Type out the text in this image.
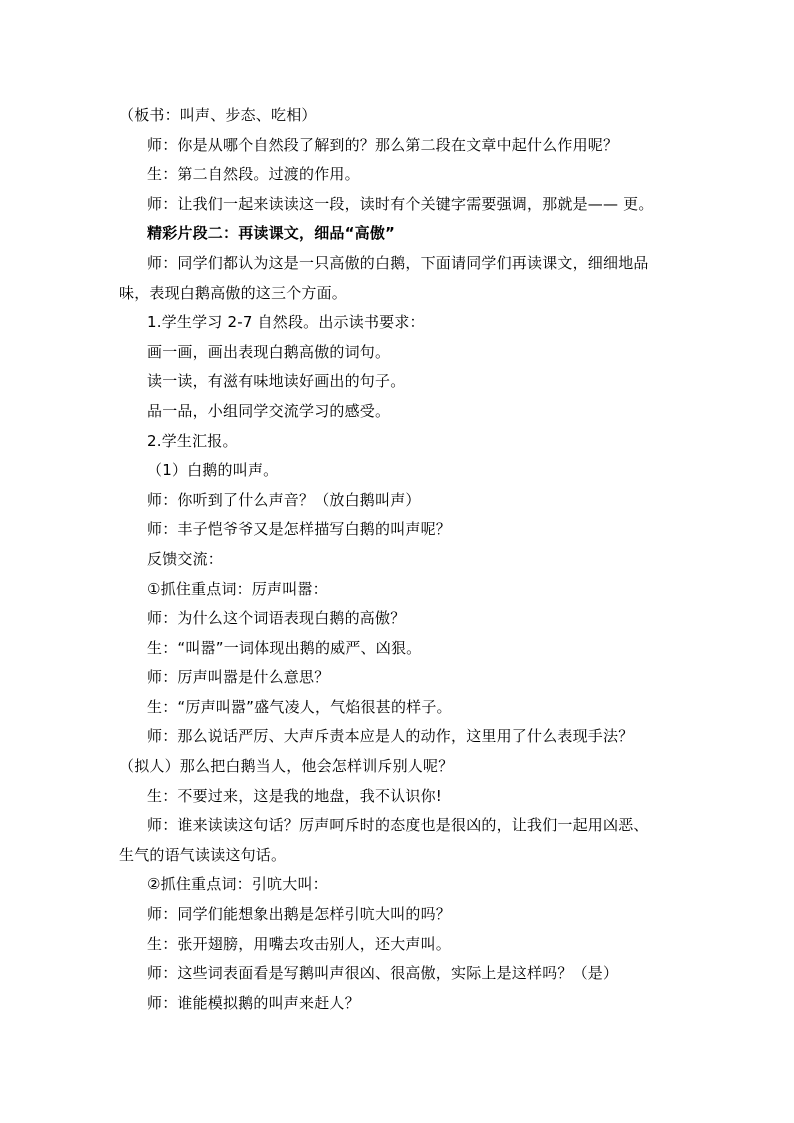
（板书：叫声、步态、吃相）
师：你是从哪个自然段了解到的？那么第二段在文章中起什么作用呢？
生：第二自然段。过渡的作用。
师：让我们一起来读读这一段，读时有个关键字需要强调，那就是—— 更。
精彩片段二：再读课文，细品“高傲”
师：同学们都认为这是一只高傲的白鹅，下面请同学们再读课文，细细地品
味，表现白鹅高傲的这三个方面。
1.学生学习 2-7 自然段。出示读书要求：
画一画，画出表现白鹅高傲的词句。
读一读，有滋有味地读好画出的句子。
品一品，小组同学交流学习的感受。
2.学生汇报。
（1）白鹅的叫声。
师：你听到了什么声音？（放白鹅叫声）
师：丰子恺爷爷又是怎样描写白鹅的叫声呢？
反馈交流：
①抓住重点词：厉声叫嚣：
师：为什么这个词语表现白鹅的高傲？
生：“叫嚣”一词体现出鹅的威严、凶狠。
师：厉声叫嚣是什么意思？
生：“厉声叫嚣”盛气凌人，气焰很甚的样子。
师：那么说话严厉、大声斥责本应是人的动作，这里用了什么表现手法？
（拟人）那么把白鹅当人，他会怎样训斥别人呢？
生：不要过来，这是我的地盘，我不认识你!
师：谁来读读这句话？厉声呵斥时的态度也是很凶的，让我们一起用凶恶、
生气的语气读读这句话。
②抓住重点词：引吭大叫：
师：同学们能想象出鹅是怎样引吭大叫的吗？
生：张开翅膀，用嘴去攻击别人，还大声叫。
师：这些词表面看是写鹅叫声很凶、很高傲，实际上是这样吗？（是）
师：谁能模拟鹅的叫声来赶人？
